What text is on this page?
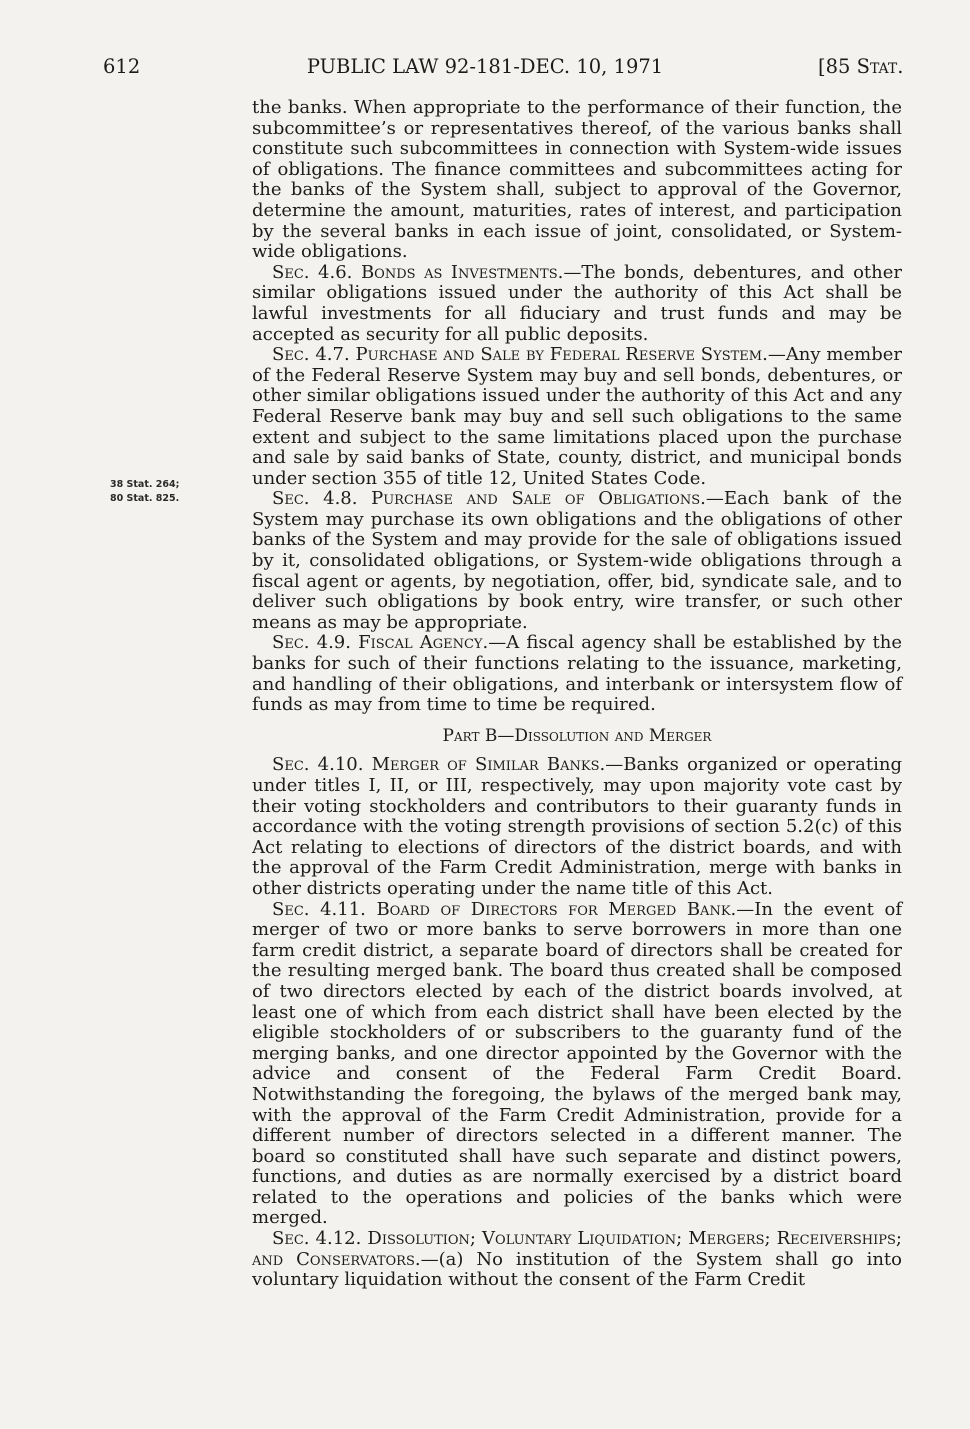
612	PUBLIC LAW 92-181-DEC. 10, 1971	[85 Stat.
38 Stat. 264;
80 Stat. 825.

the banks. When appropriate to the performance of their function, the subcommittee’s or representatives thereof, of the various banks shall constitute such subcommittees in connection with System-wide issues of obligations. The finance committees and subcommittees acting for the banks of the System shall, subject to approval of the Governor, determine the amount, maturities, rates of interest, and participation by the several banks in each issue of joint, consolidated, or System-wide obligations.

Sec. 4.6. Bonds as Investments.—The bonds, debentures, and other similar obligations issued under the authority of this Act shall be lawful investments for all fiduciary and trust funds and may be accepted as security for all public deposits.

Sec. 4.7. Purchase and Sale by Federal Reserve System.—Any member of the Federal Reserve System may buy and sell bonds, debentures, or other similar obligations issued under the authority of this Act and any Federal Reserve bank may buy and sell such obligations to the same extent and subject to the same limitations placed upon the purchase and sale by said banks of State, county, district, and municipal bonds under section 355 of title 12, United States Code.

Sec. 4.8. Purchase and Sale of Obligations.—Each bank of the System may purchase its own obligations and the obligations of other banks of the System and may provide for the sale of obligations issued by it, consolidated obligations, or System-wide obligations through a fiscal agent or agents, by negotiation, offer, bid, syndicate sale, and to deliver such obligations by book entry, wire transfer, or such other means as may be appropriate.

Sec. 4.9. Fiscal Agency.—A fiscal agency shall be established by the banks for such of their functions relating to the issuance, marketing, and handling of their obligations, and interbank or intersystem flow of funds as may from time to time be required.

Part B—Dissolution and Merger

Sec. 4.10. Merger of Similar Banks.—Banks organized or operating under titles I, II, or III, respectively, may upon majority vote cast by their voting stockholders and contributors to their guaranty funds in accordance with the voting strength provisions of section 5.2(c) of this Act relating to elections of directors of the district boards, and with the approval of the Farm Credit Administration, merge with banks in other districts operating under the name title of this Act.

Sec. 4.11. Board of Directors for Merged Bank.—In the event of merger of two or more banks to serve borrowers in more than one farm credit district, a separate board of directors shall be created for the resulting merged bank. The board thus created shall be composed of two directors elected by each of the district boards involved, at least one of which from each district shall have been elected by the eligible stockholders of or subscribers to the guaranty fund of the merging banks, and one director appointed by the Governor with the advice and consent of the Federal Farm Credit Board. Notwithstanding the foregoing, the bylaws of the merged bank may, with the approval of the Farm Credit Administration, provide for a different number of directors selected in a different manner. The board so constituted shall have such separate and distinct powers, functions, and duties as are normally exercised by a district board related to the operations and policies of the banks which were merged.

Sec. 4.12. Dissolution; Voluntary Liquidation; Mergers; Receiverships; and Conservators.—(a) No institution of the System shall go into voluntary liquidation without the consent of the Farm Credit
